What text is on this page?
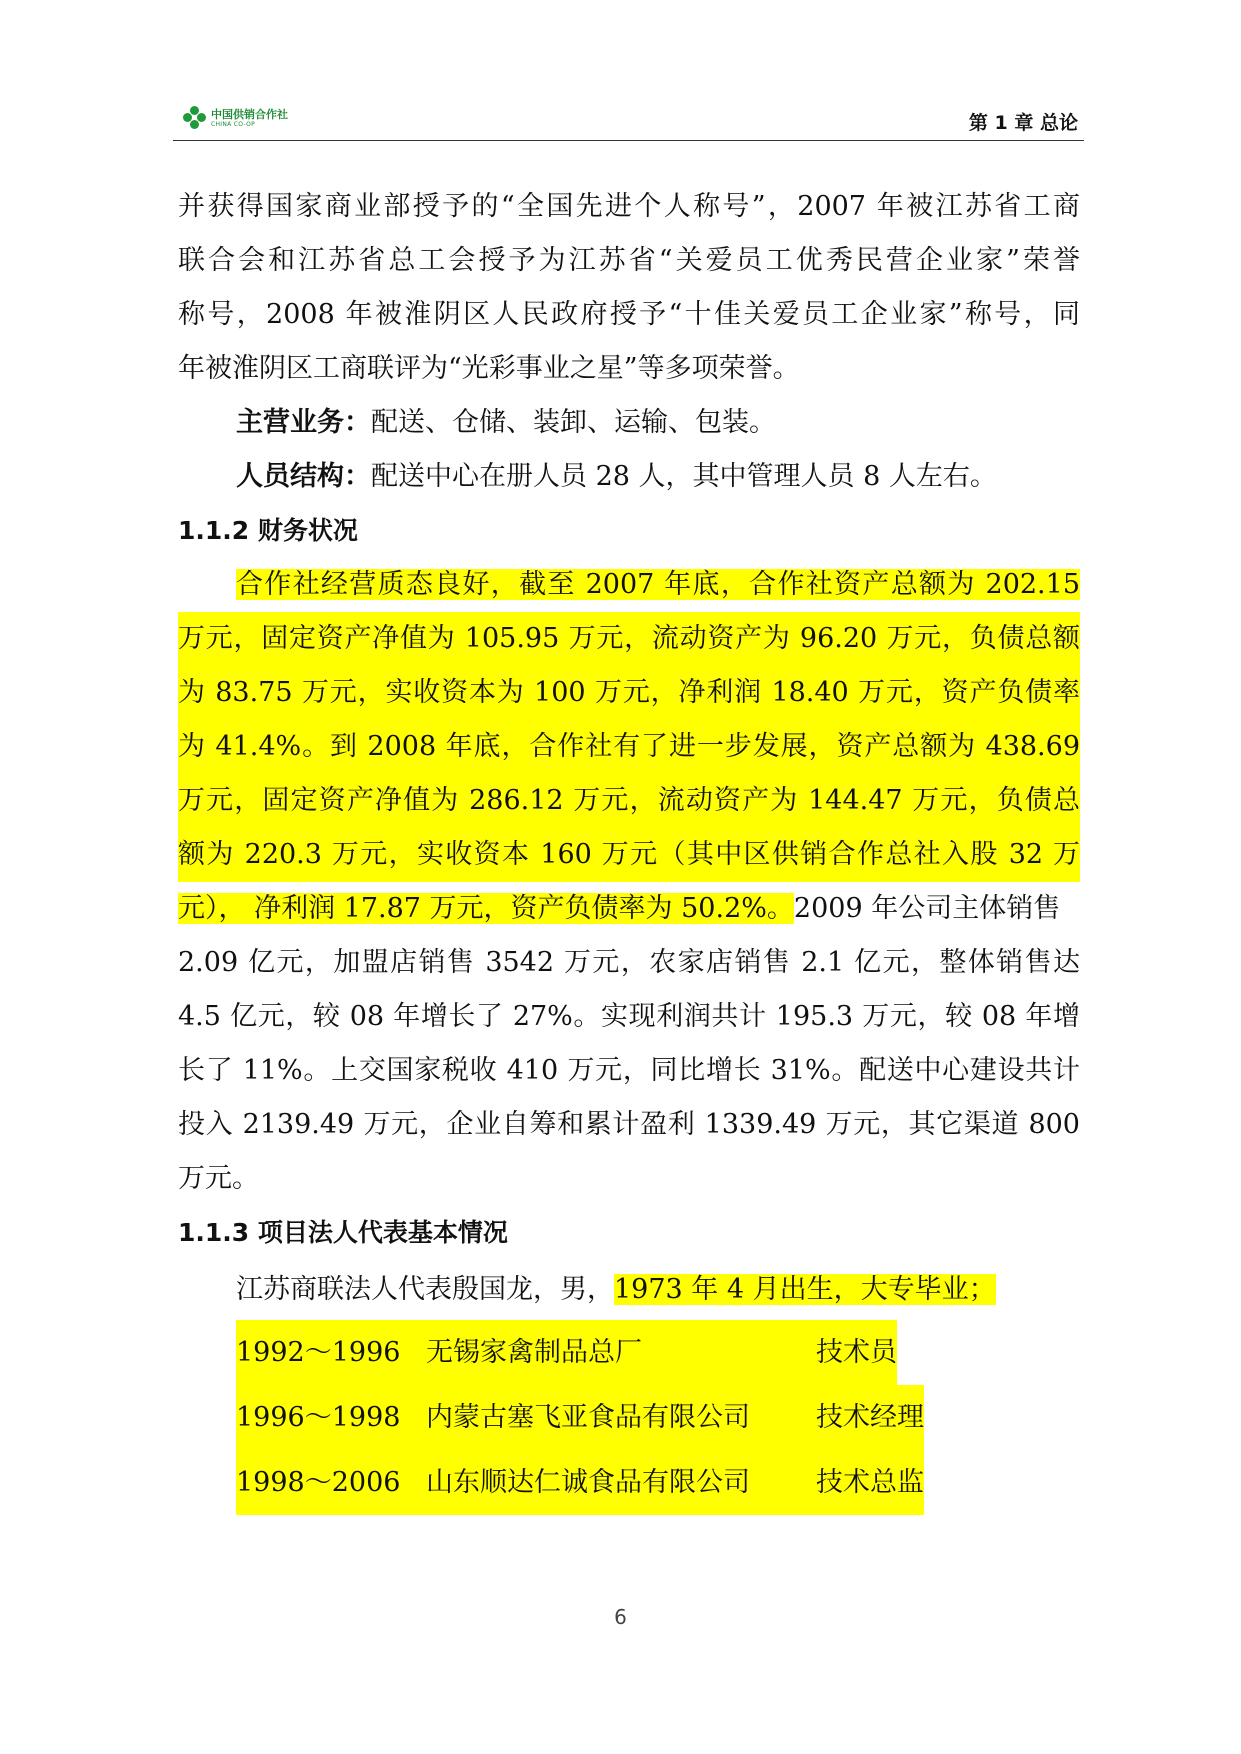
中国供销合作社
CHINA CO-OP	第 1 章 总论
并获得国家商业部授予的“全国先进个人称号”，2007 年被江苏省工商
联合会和江苏省总工会授予为江苏省“关爱员工优秀民营企业家”荣誉
称号，2008 年被淮阴区人民政府授予“十佳关爱员工企业家”称号，同
年被淮阴区工商联评为“光彩事业之星”等多项荣誉。
主营业务：配送、仓储、装卸、运输、包装。
人员结构：配送中心在册人员 28 人，其中管理人员 8 人左右。
1.1.2 财务状况
合作社经营质态良好，截至 2007 年底，合作社资产总额为 202.15
万元，固定资产净值为 105.95 万元，流动资产为 96.20 万元，负债总额
为 83.75 万元，实收资本为 100 万元，净利润 18.40 万元，资产负债率
为 41.4%。到 2008 年底，合作社有了进一步发展，资产总额为 438.69
万元，固定资产净值为 286.12 万元，流动资产为 144.47 万元，负债总
额为 220.3 万元，实收资本 160 万元（其中区供销合作总社入股 32 万
元）， 净利润 17.87 万元，资产负债率为 50.2%。2009 年公司主体销售
2.09 亿元，加盟店销售 3542 万元，农家店销售 2.1 亿元，整体销售达
4.5 亿元，较 08 年增长了 27%。实现利润共计 195.3 万元，较 08 年增
长了 11%。上交国家税收 410 万元，同比增长 31%。配送中心建设共计
投入 2139.49 万元，企业自筹和累计盈利 1339.49 万元，其它渠道 800
万元。
1.1.3 项目法人代表基本情况
江苏商联法人代表殷国龙，男，1973 年 4 月出生，大专毕业；
1992～1996 无锡家禽制品总厂	技术员
1996～1998 内蒙古塞飞亚食品有限公司	技术经理
1998～2006 山东顺达仁诚食品有限公司	技术总监
6
